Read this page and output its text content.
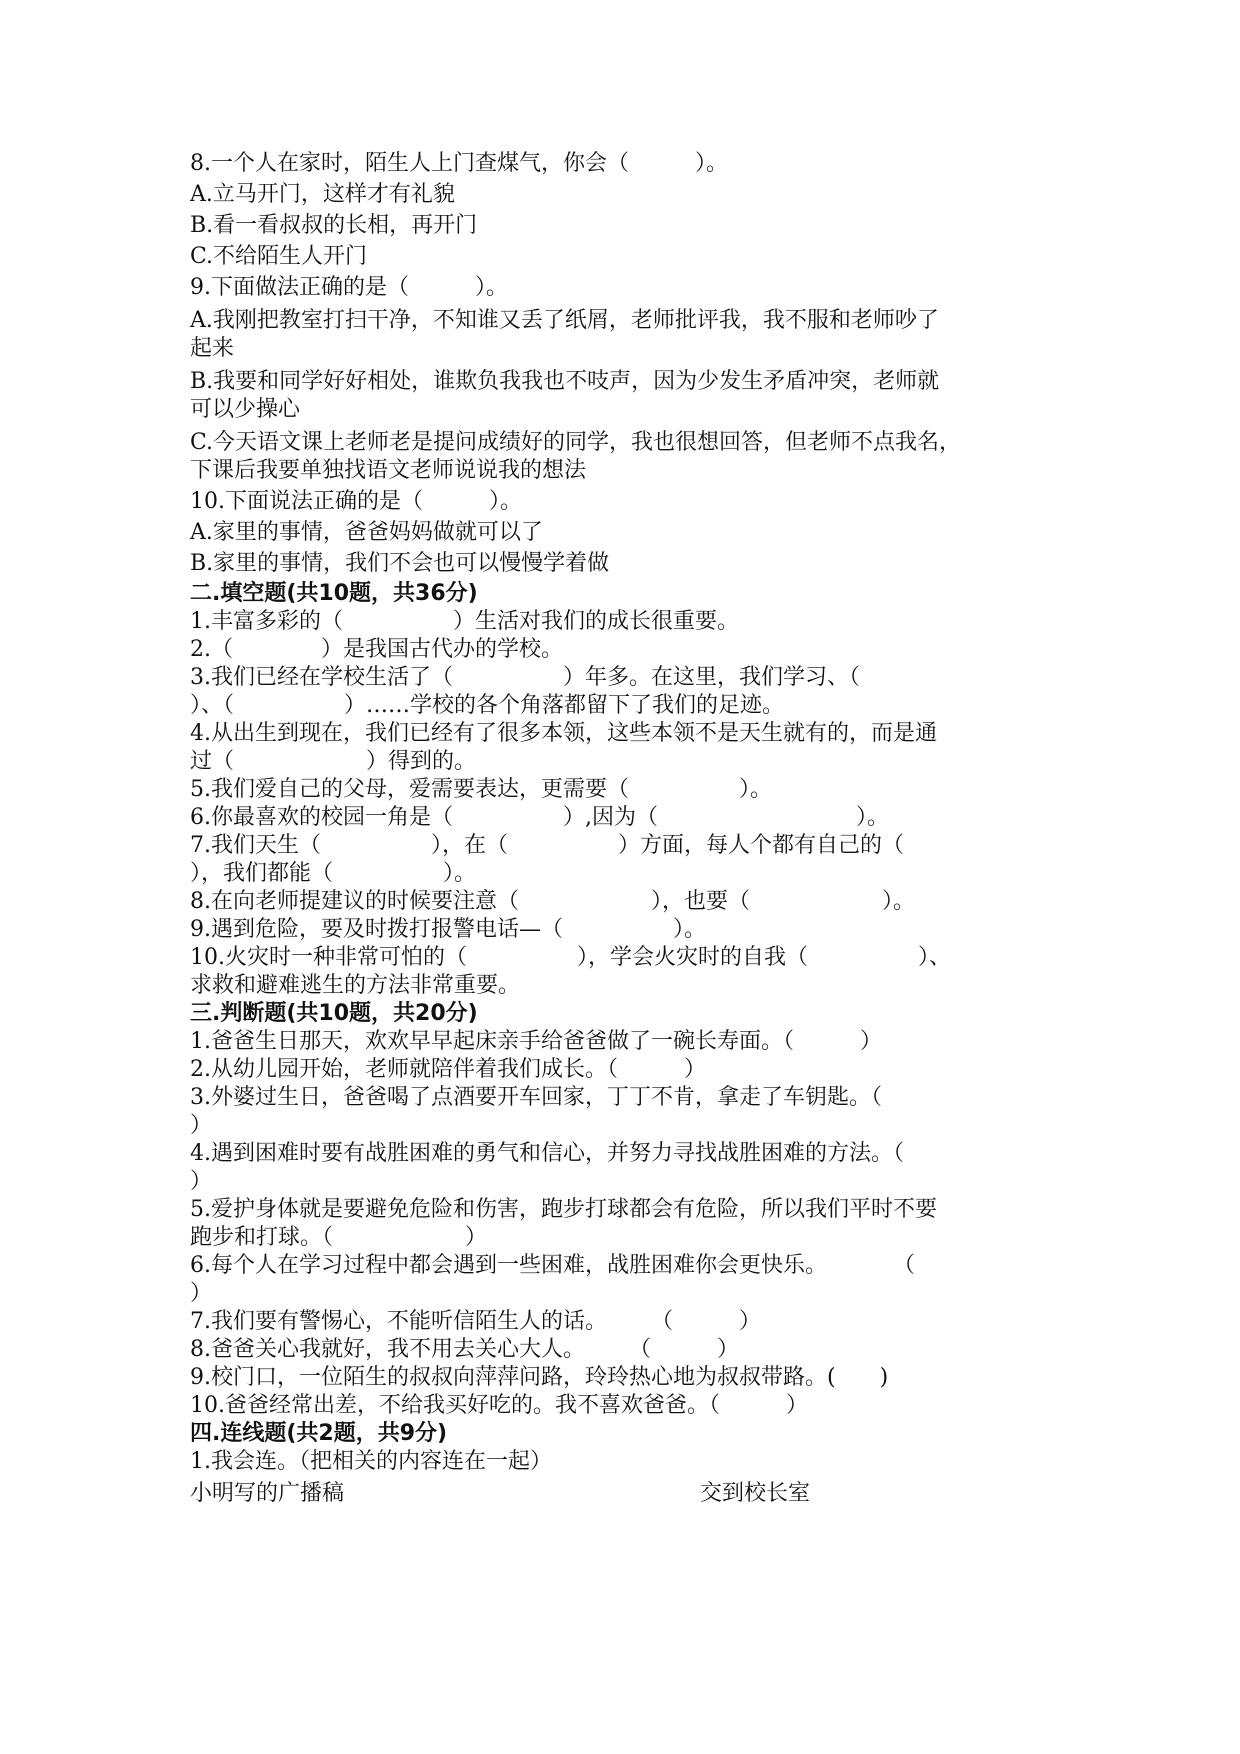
8.一个人在家时，陌生人上门查煤气，你会（　　　）。

A.立马开门，这样才有礼貌

B.看一看叔叔的长相，再开门

C.不给陌生人开门

9.下面做法正确的是（　　　）。

A.我刚把教室打扫干净，不知谁又丢了纸屑，老师批评我，我不服和老师吵了

起来

B.我要和同学好好相处，谁欺负我我也不吱声，因为少发生矛盾冲突，老师就

可以少操心

C.今天语文课上老师老是提问成绩好的同学，我也很想回答，但老师不点我名，

下课后我要单独找语文老师说说我的想法

10.下面说法正确的是（　　　）。

A.家里的事情，爸爸妈妈做就可以了

B.家里的事情，我们不会也可以慢慢学着做

二.填空题(共10题，共36分)

1.丰富多彩的（　　　　　）生活对我们的成长很重要。

2.（　　　　）是我国古代办的学校。

3.我们已经在学校生活了（　　　　　）年多。在这里，我们学习、（

）、（　　　　　）……学校的各个角落都留下了我们的足迹。

4.从出生到现在，我们已经有了很多本领，这些本领不是天生就有的，而是通

过（　　　　　　）得到的。

5.我们爱自己的父母，爱需要表达，更需要（　　　　　）。

6.你最喜欢的校园一角是（　　　　　）,因为（　　　　　　　　　）。

7.我们天生（　　　　　），在（　　　　　）方面，每人个都有自己的（

），我们都能（　　　　　）。

8.在向老师提建议的时候要注意（　　　　　　），也要（　　　　　　）。

9.遇到危险，要及时拨打报警电话—（　　　　　）。

10.火灾时一种非常可怕的（　　　　　），学会火灾时的自我（　　　　　）、

求救和避难逃生的方法非常重要。

三.判断题(共10题，共20分)

1.爸爸生日那天，欢欢早早起床亲手给爸爸做了一碗长寿面。（　　　）

2.从幼儿园开始，老师就陪伴着我们成长。（　　　）

3.外婆过生日，爸爸喝了点酒要开车回家，丁丁不肯，拿走了车钥匙。（

）

4.遇到困难时要有战胜困难的勇气和信心，并努力寻找战胜困难的方法。（

）

5.爱护身体就是要避免危险和伤害，跑步打球都会有危险，所以我们平时不要

跑步和打球。（　　　　　　）

6.每个人在学习过程中都会遇到一些困难，战胜困难你会更快乐。　　　　（

）

7.我们要有警惕心，不能听信陌生人的话。　　　（　　　）

8.爸爸关心我就好，我不用去关心大人。　　　（　　　）

9.校门口，一位陌生的叔叔向萍萍问路，玲玲热心地为叔叔带路。(　　)

10.爸爸经常出差，不给我买好吃的。我不喜欢爸爸。（　　　）

四.连线题(共2题，共9分)

1.我会连。（把相关的内容连在一起）

小明写的广播稿	交到校长室
